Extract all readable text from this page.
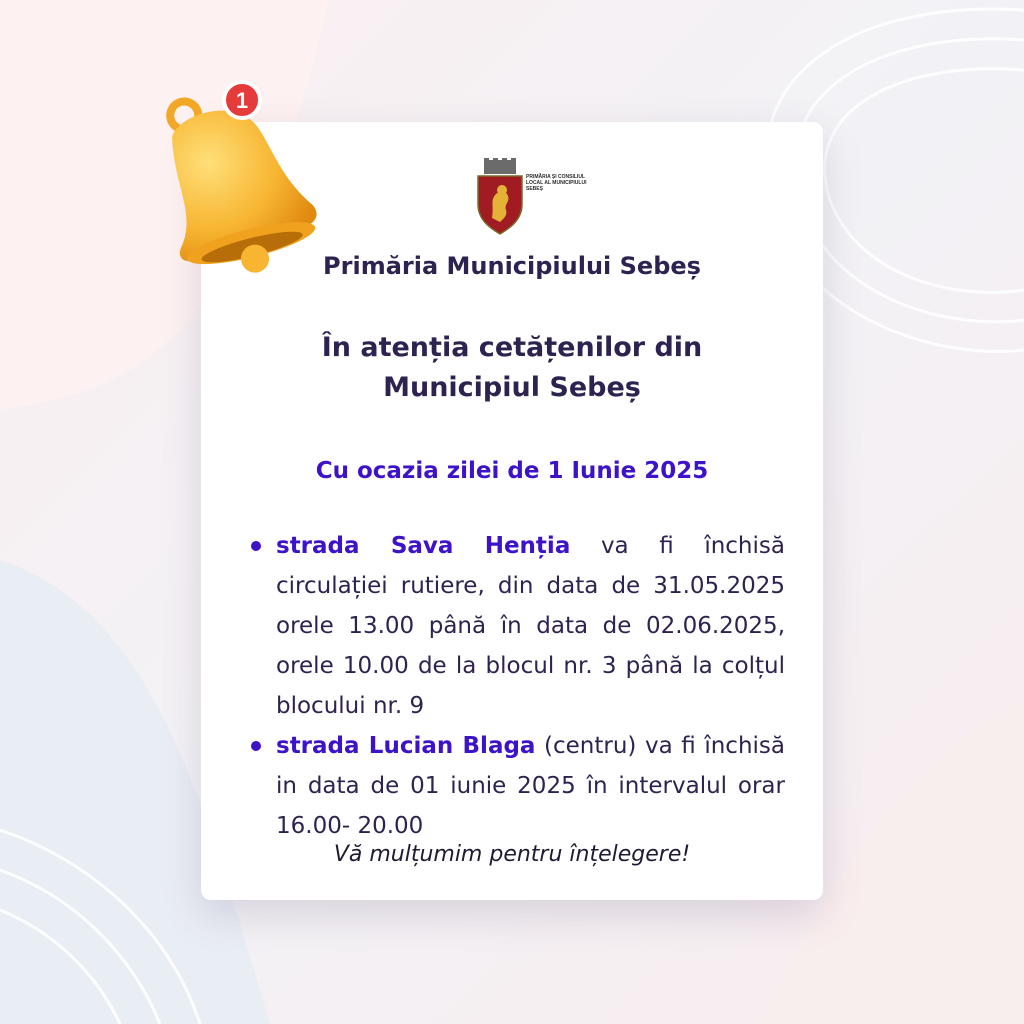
PRIMĂRIA ȘI CONSILIUL
LOCAL AL MUNICIPIULUI
SEBEȘ
1
Primăria Municipiului Sebeș
În atenția cetățenilor din
Municipiul Sebeș
Cu ocazia zilei de 1 Iunie 2025
strada Sava Henția va fi închisă circulației rutiere, din data de 31.05.2025 orele 13.00 până în data de 02.06.2025, orele 10.00 de la blocul nr. 3 până la colțul blocului nr. 9
strada Lucian Blaga (centru) va fi închisă in data de 01 iunie 2025 în intervalul orar 16.00- 20.00

Vă mulțumim pentru înțelegere!
